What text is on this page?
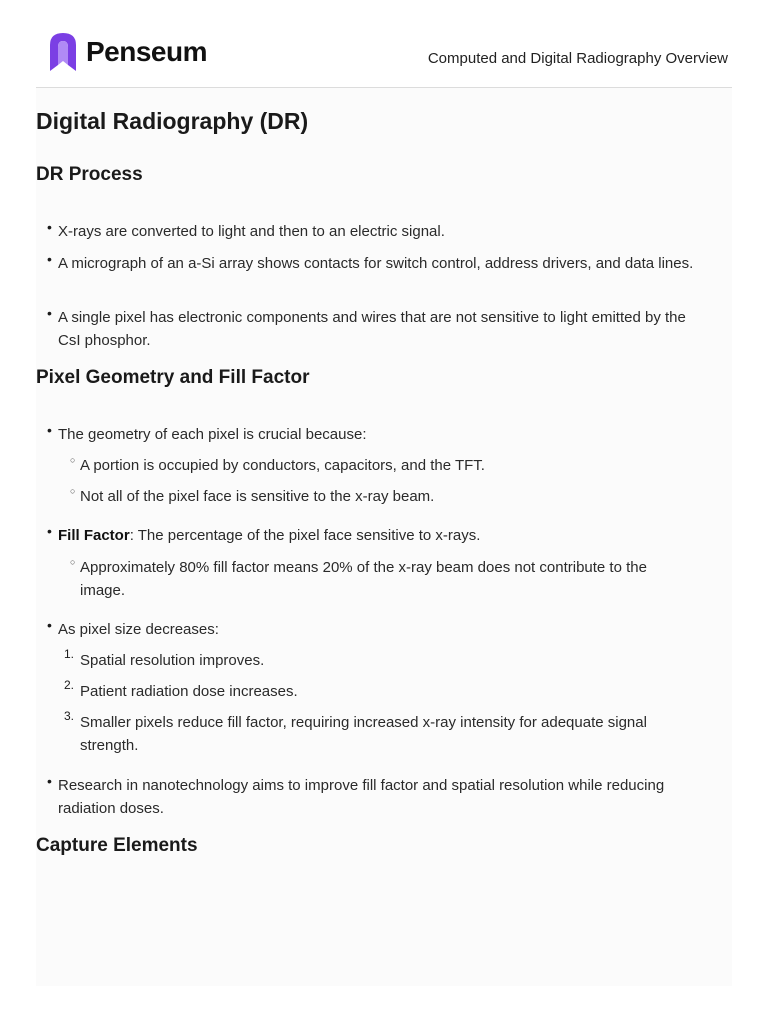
Penseum	Computed and Digital Radiography Overview
Digital Radiography (DR)
DR Process
• X-rays are converted to light and then to an electric signal.
• A micrograph of an a-Si array shows contacts for switch control, address drivers, and data lines.
• A single pixel has electronic components and wires that are not sensitive to light emitted by the CsI phosphor.
Pixel Geometry and Fill Factor
• The geometry of each pixel is crucial because:
○ A portion is occupied by conductors, capacitors, and the TFT.
○ Not all of the pixel face is sensitive to the x-ray beam.
• Fill Factor: The percentage of the pixel face sensitive to x-rays.
○ Approximately 80% fill factor means 20% of the x-ray beam does not contribute to the image.
• As pixel size decreases:
1. Spatial resolution improves.
2. Patient radiation dose increases.
3. Smaller pixels reduce fill factor, requiring increased x-ray intensity for adequate signal strength.
• Research in nanotechnology aims to improve fill factor and spatial resolution while reducing radiation doses.
Capture Elements
